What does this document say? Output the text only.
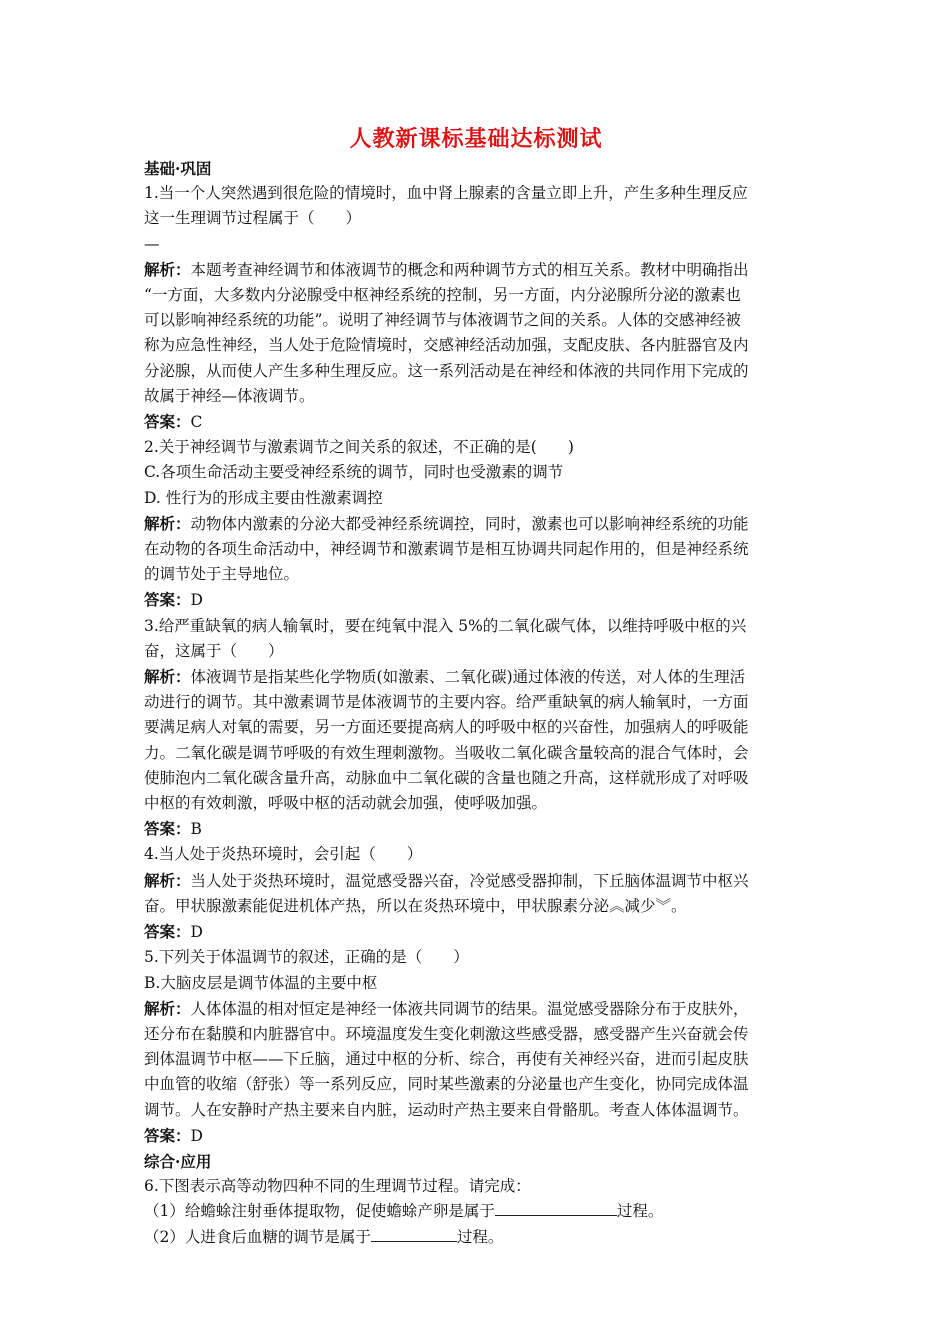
人教新课标基础达标测试
基础·巩固
1.当一个人突然遇到很危险的情境时，血中肾上腺素的含量立即上升，产生多种生理反应
这一生理调节过程属于（　　）
—
解析：本题考查神经调节和体液调节的概念和两种调节方式的相互关系。教材中明确指出
“一方面，大多数内分泌腺受中枢神经系统的控制，另一方面，内分泌腺所分泌的激素也
可以影响神经系统的功能”。说明了神经调节与体液调节之间的关系。人体的交感神经被
称为应急性神经，当人处于危险情境时，交感神经活动加强，支配皮肤、各内脏器官及内
分泌腺，从而使人产生多种生理反应。这一系列活动是在神经和体液的共同作用下完成的
故属于神经—体液调节。
答案：C
2.关于神经调节与激素调节之间关系的叙述，不正确的是(　　)
C.各项生命活动主要受神经系统的调节，同时也受激素的调节
D. 性行为的形成主要由性激素调控
解析：动物体内激素的分泌大都受神经系统调控，同时，激素也可以影响神经系统的功能
在动物的各项生命活动中，神经调节和激素调节是相互协调共同起作用的，但是神经系统
的调节处于主导地位。
答案：D
3.给严重缺氧的病人输氧时，要在纯氧中混入 5%的二氧化碳气体，以维持呼吸中枢的兴
奋，这属于（　　）
解析：体液调节是指某些化学物质(如激素、二氧化碳)通过体液的传送，对人体的生理活
动进行的调节。其中激素调节是体液调节的主要内容。给严重缺氧的病人输氧时，一方面
要满足病人对氧的需要，另一方面还要提高病人的呼吸中枢的兴奋性，加强病人的呼吸能
力。二氧化碳是调节呼吸的有效生理刺激物。当吸收二氧化碳含量较高的混合气体时，会
使肺泡内二氧化碳含量升高，动脉血中二氧化碳的含量也随之升高，这样就形成了对呼吸
中枢的有效刺激，呼吸中枢的活动就会加强，使呼吸加强。
答案：B
4.当人处于炎热环境时，会引起（　　）
解析：当人处于炎热环境时，温觉感受器兴奋，冷觉感受器抑制，下丘脑体温调节中枢兴
奋。甲状腺激素能促进机体产热，所以在炎热环境中，甲状腺素分泌︽减少︾。
答案：D
5.下列关于体温调节的叙述，正确的是（　　）
B.大脑皮层是调节体温的主要中枢
解析：人体体温的相对恒定是神经一体液共同调节的结果。温觉感受器除分布于皮肤外，
还分布在黏膜和内脏器官中。环境温度发生变化刺激这些感受器，感受器产生兴奋就会传
到体温调节中枢——下丘脑，通过中枢的分析、综合，再使有关神经兴奋，进而引起皮肤
中血管的收缩（舒张）等一系列反应，同时某些激素的分泌量也产生变化，协同完成体温
调节。人在安静时产热主要来自内脏，运动时产热主要来自骨骼肌。考查人体体温调节。
答案：D
综合·应用
6.下图表示高等动物四种不同的生理调节过程。请完成：
（1）给蟾蜍注射垂体提取物，促使蟾蜍产卵是属于	过程。
（2）人进食后血糖的调节是属于	过程。
